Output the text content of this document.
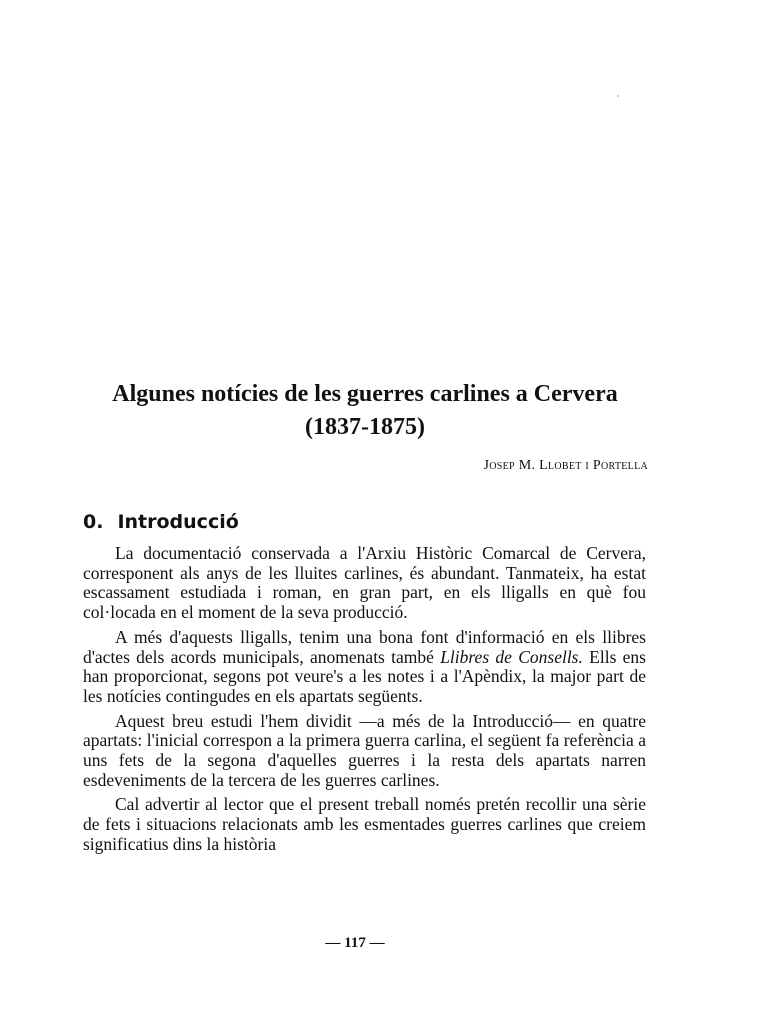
Algunes notícies de les guerres carlines a Cervera
(1837-1875)

Josep M. Llobet i Portella

0. Introducció

La documentació conservada a l'Arxiu Històric Comarcal de Cervera, corresponent als anys de les lluites carlines, és abundant. Tanmateix, ha estat escassament estudiada i roman, en gran part, en els lligalls en què fou col·locada en el moment de la seva producció.

A més d'aquests lligalls, tenim una bona font d'informació en els llibres d'actes dels acords municipals, anomenats també Llibres de Consells. Ells ens han proporcionat, segons pot veure's a les notes i a l'Apèndix, la major part de les notícies contingudes en els apartats següents.

Aquest breu estudi l'hem dividit —a més de la Introducció— en quatre apartats: l'inicial correspon a la primera guerra carlina, el següent fa referència a uns fets de la segona d'aquelles guerres i la resta dels apartats narren esdeveniments de la tercera de les guerres carlines.

Cal advertir al lector que el present treball només pretén recollir una sèrie de fets i situacions relacionats amb les esmentades guerres carlines que creiem significatius dins la història

— 117 —
